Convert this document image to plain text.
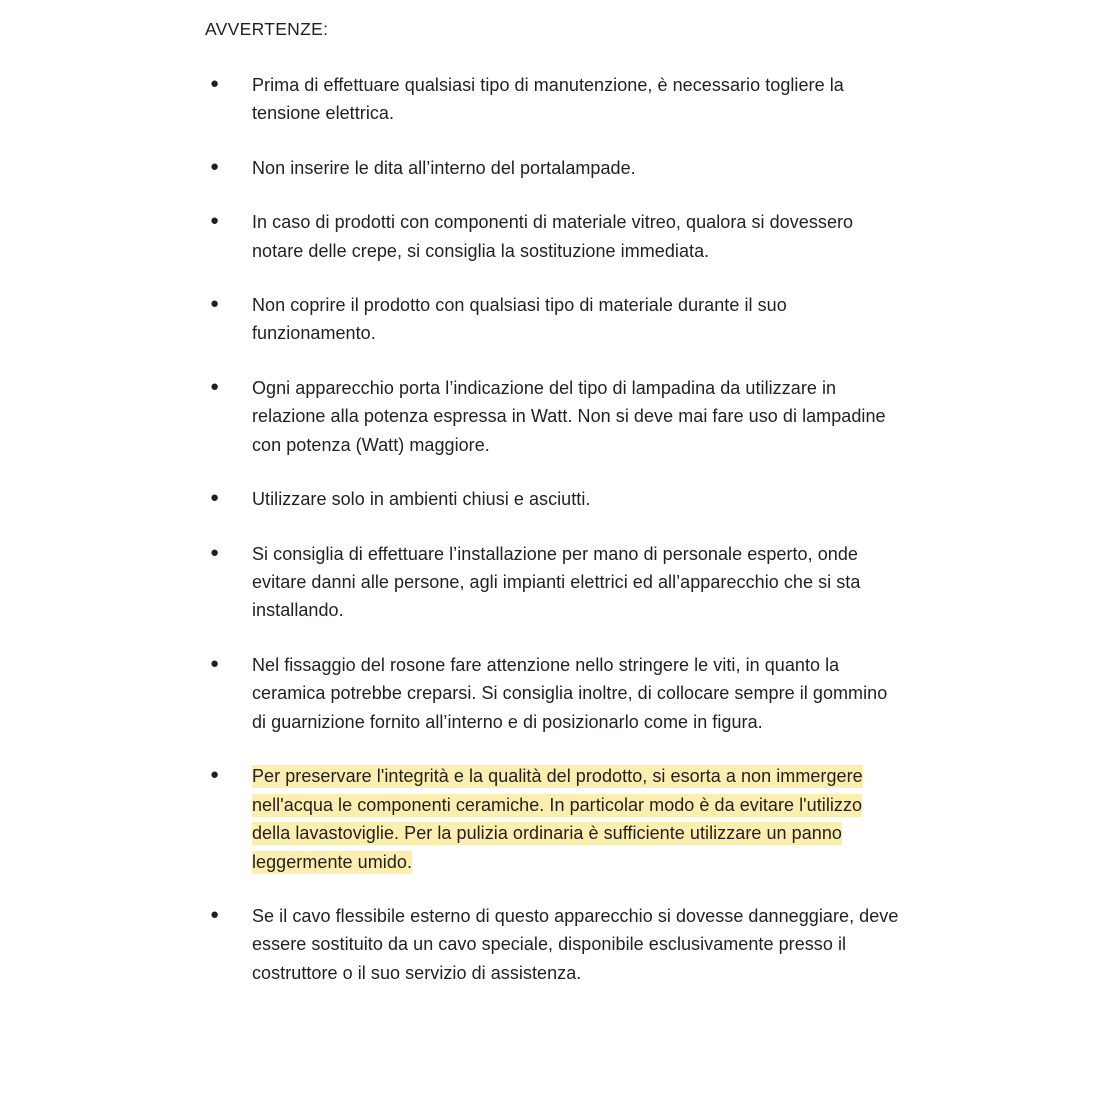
AVVERTENZE:

● Prima di effettuare qualsiasi tipo di manutenzione, è necessario togliere la tensione elettrica.
● Non inserire le dita all’interno del portalampade.
● In caso di prodotti con componenti di materiale vitreo, qualora si dovessero notare delle crepe, si consiglia la sostituzione immediata.
● Non coprire il prodotto con qualsiasi tipo di materiale durante il suo funzionamento.
● Ogni apparecchio porta l’indicazione del tipo di lampadina da utilizzare in relazione alla potenza espressa in Watt. Non si deve mai fare uso di lampadine con potenza (Watt) maggiore.
● Utilizzare solo in ambienti chiusi e asciutti.
● Si consiglia di effettuare l’installazione per mano di personale esperto, onde evitare danni alle persone, agli impianti elettrici ed all’apparecchio che si sta installando.
● Nel fissaggio del rosone fare attenzione nello stringere le viti, in quanto la ceramica potrebbe creparsi. Si consiglia inoltre, di collocare sempre il gommino di guarnizione fornito all’interno e di posizionarlo come in figura.
● Per preservare l'integrità e la qualità del prodotto, si esorta a non immergere nell'acqua le componenti ceramiche. In particolar modo è da evitare l'utilizzo della lavastoviglie. Per la pulizia ordinaria è sufficiente utilizzare un panno leggermente umido.
● Se il cavo flessibile esterno di questo apparecchio si dovesse danneggiare, deve essere sostituito da un cavo speciale, disponibile esclusivamente presso il costruttore o il suo servizio di assistenza.
